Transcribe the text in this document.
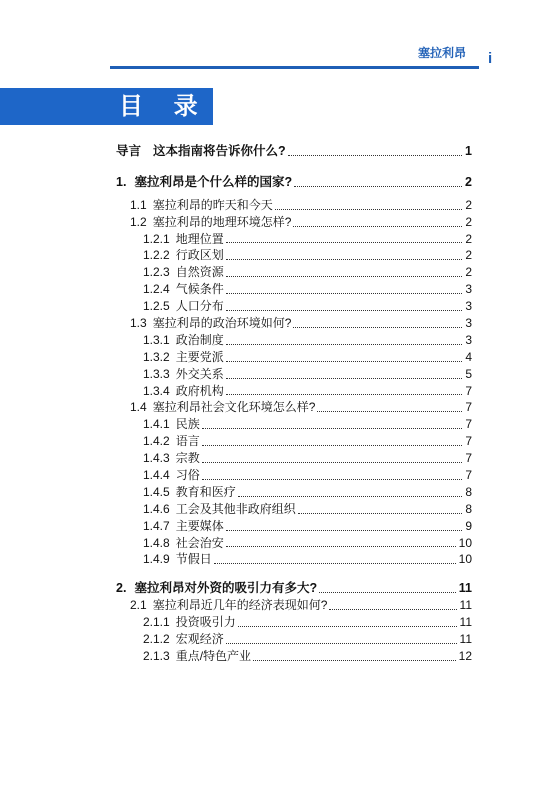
塞拉利昂 i
目 录
导言 这本指南将告诉你什么?	1
1. 塞拉利昂是个什么样的国家?	2
1.1 塞拉利昂的昨天和今天	2
1.2 塞拉利昂的地理环境怎样?	2
1.2.1 地理位置	2
1.2.2 行政区划	2
1.2.3 自然资源	2
1.2.4 气候条件	3
1.2.5 人口分布	3
1.3 塞拉利昂的政治环境如何?	3
1.3.1 政治制度	3
1.3.2 主要党派	4
1.3.3 外交关系	5
1.3.4 政府机构	7
1.4 塞拉利昂社会文化环境怎么样?	7
1.4.1 民族	7
1.4.2 语言	7
1.4.3 宗教	7
1.4.4 习俗	7
1.4.5 教育和医疗	8
1.4.6 工会及其他非政府组织	8
1.4.7 主要媒体	9
1.4.8 社会治安	10
1.4.9 节假日	10
2. 塞拉利昂对外资的吸引力有多大?	11
2.1 塞拉利昂近几年的经济表现如何?	11
2.1.1 投资吸引力	11
2.1.2 宏观经济	11
2.1.3 重点/特色产业	12
